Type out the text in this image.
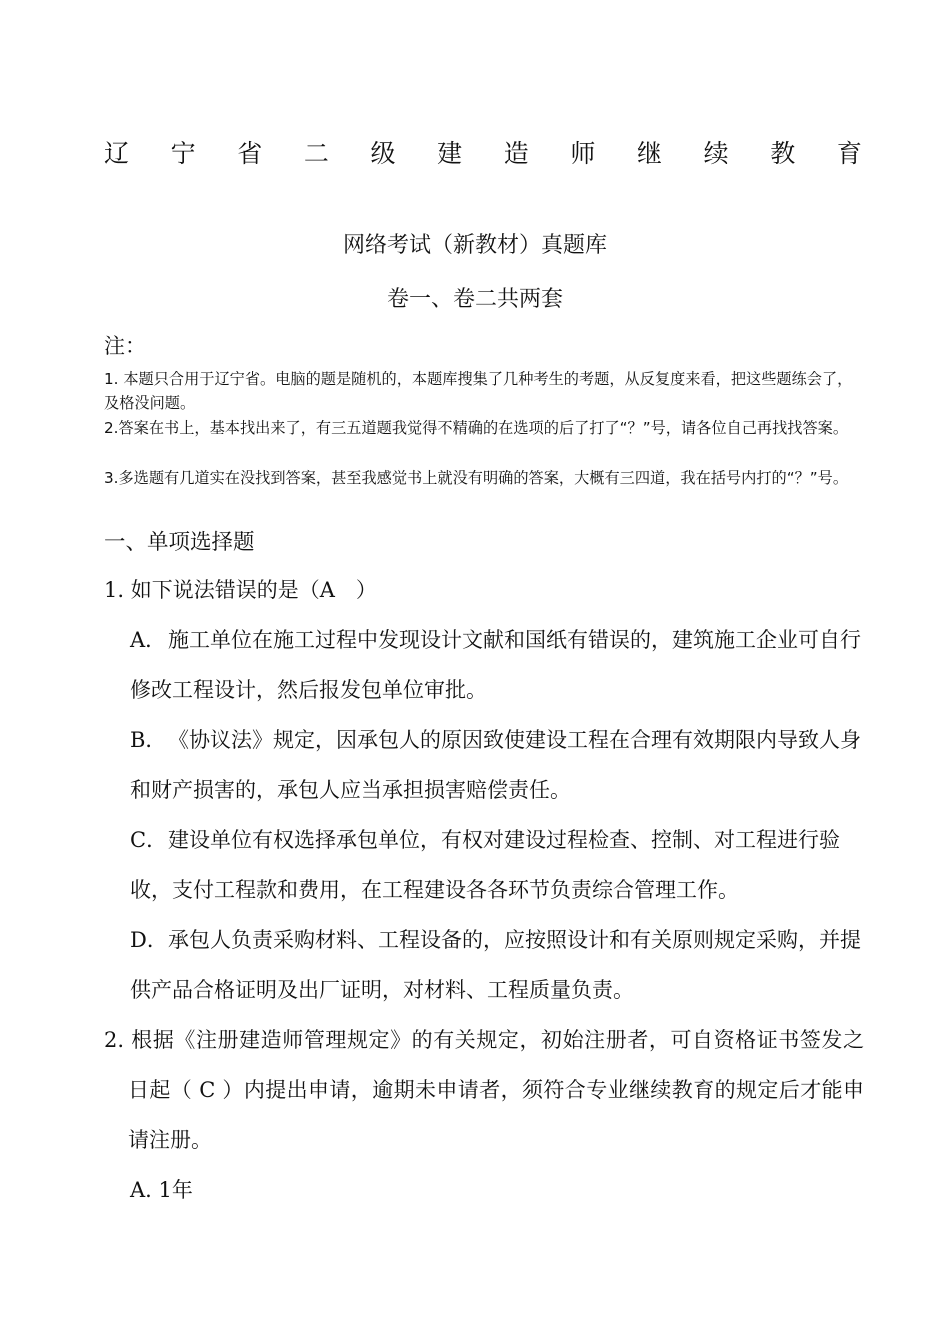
辽 宁 省 二 级 建 造 师 继 续 教 育
网络考试（新教材）真题库
卷一、卷二共两套
注：
1. 本题只合用于辽宁省。电脑的题是随机的，本题库搜集了几种考生的考题，从反复度来看，把这些题练会了，及格没问题。
2.答案在书上，基本找出来了，有三五道题我觉得不精确的在选项的后了打了“？”号，请各位自己再找找答案。
3.多选题有几道实在没找到答案，甚至我感觉书上就没有明确的答案，大概有三四道，我在括号内打的“？”号。
一、单项选择题
1. 如下说法错误的是（A　）
A．施工单位在施工过程中发现设计文献和国纸有错误的，建筑施工企业可自行修改工程设计，然后报发包单位审批。
B．《协议法》规定，因承包人的原因致使建设工程在合理有效期限内导致人身和财产损害的，承包人应当承担损害赔偿责任。
C．建设单位有权选择承包单位，有权对建设过程检查、控制、对工程进行验收，支付工程款和费用，在工程建设各各环节负责综合管理工作。
D．承包人负责采购材料、工程设备的，应按照设计和有关原则规定采购，并提供产品合格证明及出厂证明，对材料、工程质量负责。
2. 根据《注册建造师管理规定》的有关规定，初始注册者，可自资格证书签发之日起（ C ）内提出申请，逾期未申请者，须符合专业继续教育的规定后才能申请注册。
A. 1年
